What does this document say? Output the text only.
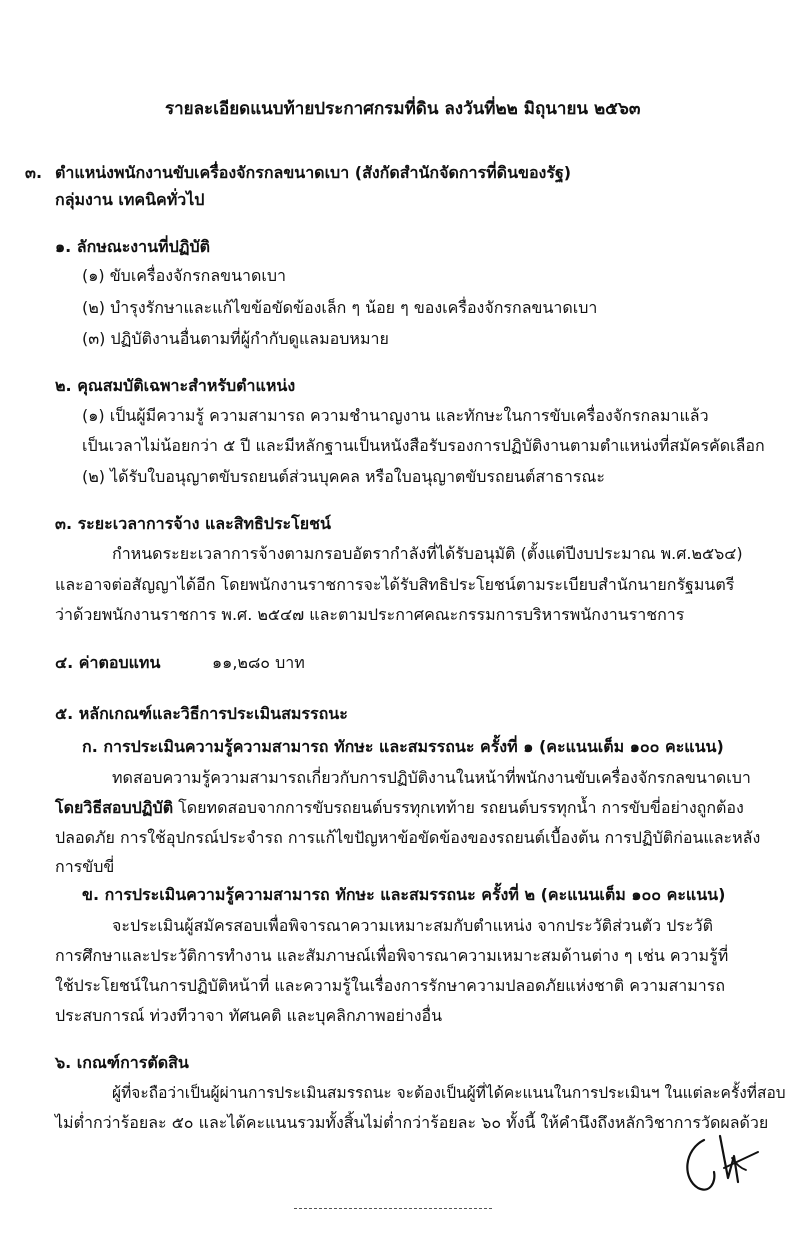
รายละเอียดแนบท้ายประกาศกรมที่ดิน ลงวันที่๒๒ มิถุนายน ๒๕๖๓
๓. ตำแหน่งพนักงานขับเครื่องจักรกลขนาดเบา (สังกัดสำนักจัดการที่ดินของรัฐ)
กลุ่มงาน เทคนิคทั่วไป
๑. ลักษณะงานที่ปฏิบัติ
(๑) ขับเครื่องจักรกลขนาดเบา
(๒) บำรุงรักษาและแก้ไขข้อขัดข้องเล็ก ๆ น้อย ๆ ของเครื่องจักรกลขนาดเบา
(๓) ปฏิบัติงานอื่นตามที่ผู้กำกับดูแลมอบหมาย
๒. คุณสมบัติเฉพาะสำหรับตำแหน่ง
(๑) เป็นผู้มีความรู้ ความสามารถ ความชำนาญงาน และทักษะในการขับเครื่องจักรกลมาแล้ว
เป็นเวลาไม่น้อยกว่า ๕ ปี และมีหลักฐานเป็นหนังสือรับรองการปฏิบัติงานตามตำแหน่งที่สมัครคัดเลือก
(๒) ได้รับใบอนุญาตขับรถยนต์ส่วนบุคคล หรือใบอนุญาตขับรถยนต์สาธารณะ
๓. ระยะเวลาการจ้าง และสิทธิประโยชน์
กำหนดระยะเวลาการจ้างตามกรอบอัตรากำลังที่ได้รับอนุมัติ (ตั้งแต่ปีงบประมาณ พ.ศ.๒๕๖๔)
และอาจต่อสัญญาได้อีก โดยพนักงานราชการจะได้รับสิทธิประโยชน์ตามระเบียบสำนักนายกรัฐมนตรี
ว่าด้วยพนักงานราชการ พ.ศ. ๒๕๔๗ และตามประกาศคณะกรรมการบริหารพนักงานราชการ
๔. ค่าตอบแทน	๑๑,๒๘๐ บาท
๕. หลักเกณฑ์และวิธีการประเมินสมรรถนะ
ก. การประเมินความรู้ความสามารถ ทักษะ และสมรรถนะ ครั้งที่ ๑ (คะแนนเต็ม ๑๐๐ คะแนน)
ทดสอบความรู้ความสามารถเกี่ยวกับการปฏิบัติงานในหน้าที่พนักงานขับเครื่องจักรกลขนาดเบา
โดยวิธีสอบปฏิบัติ โดยทดสอบจากการขับรถยนต์บรรทุกเทท้าย รถยนต์บรรทุกน้ำ การขับขี่อย่างถูกต้อง
ปลอดภัย การใช้อุปกรณ์ประจำรถ การแก้ไขปัญหาข้อขัดข้องของรถยนต์เบื้องต้น การปฏิบัติก่อนและหลัง
การขับขี่
ข. การประเมินความรู้ความสามารถ ทักษะ และสมรรถนะ ครั้งที่ ๒ (คะแนนเต็ม ๑๐๐ คะแนน)
จะประเมินผู้สมัครสอบเพื่อพิจารณาความเหมาะสมกับตำแหน่ง จากประวัติส่วนตัว ประวัติ
การศึกษาและประวัติการทำงาน และสัมภาษณ์เพื่อพิจารณาความเหมาะสมด้านต่าง ๆ เช่น ความรู้ที่
ใช้ประโยชน์ในการปฏิบัติหน้าที่ และความรู้ในเรื่องการรักษาความปลอดภัยแห่งชาติ ความสามารถ
ประสบการณ์ ท่วงทีวาจา ทัศนคติ และบุคลิกภาพอย่างอื่น
๖. เกณฑ์การตัดสิน
ผู้ที่จะถือว่าเป็นผู้ผ่านการประเมินสมรรถนะ จะต้องเป็นผู้ที่ได้คะแนนในการประเมินฯ ในแต่ละครั้งที่สอบ
ไม่ต่ำกว่าร้อยละ ๕๐ และได้คะแนนรวมทั้งสิ้นไม่ต่ำกว่าร้อยละ ๖๐ ทั้งนี้ ให้คำนึงถึงหลักวิชาการวัดผลด้วย
